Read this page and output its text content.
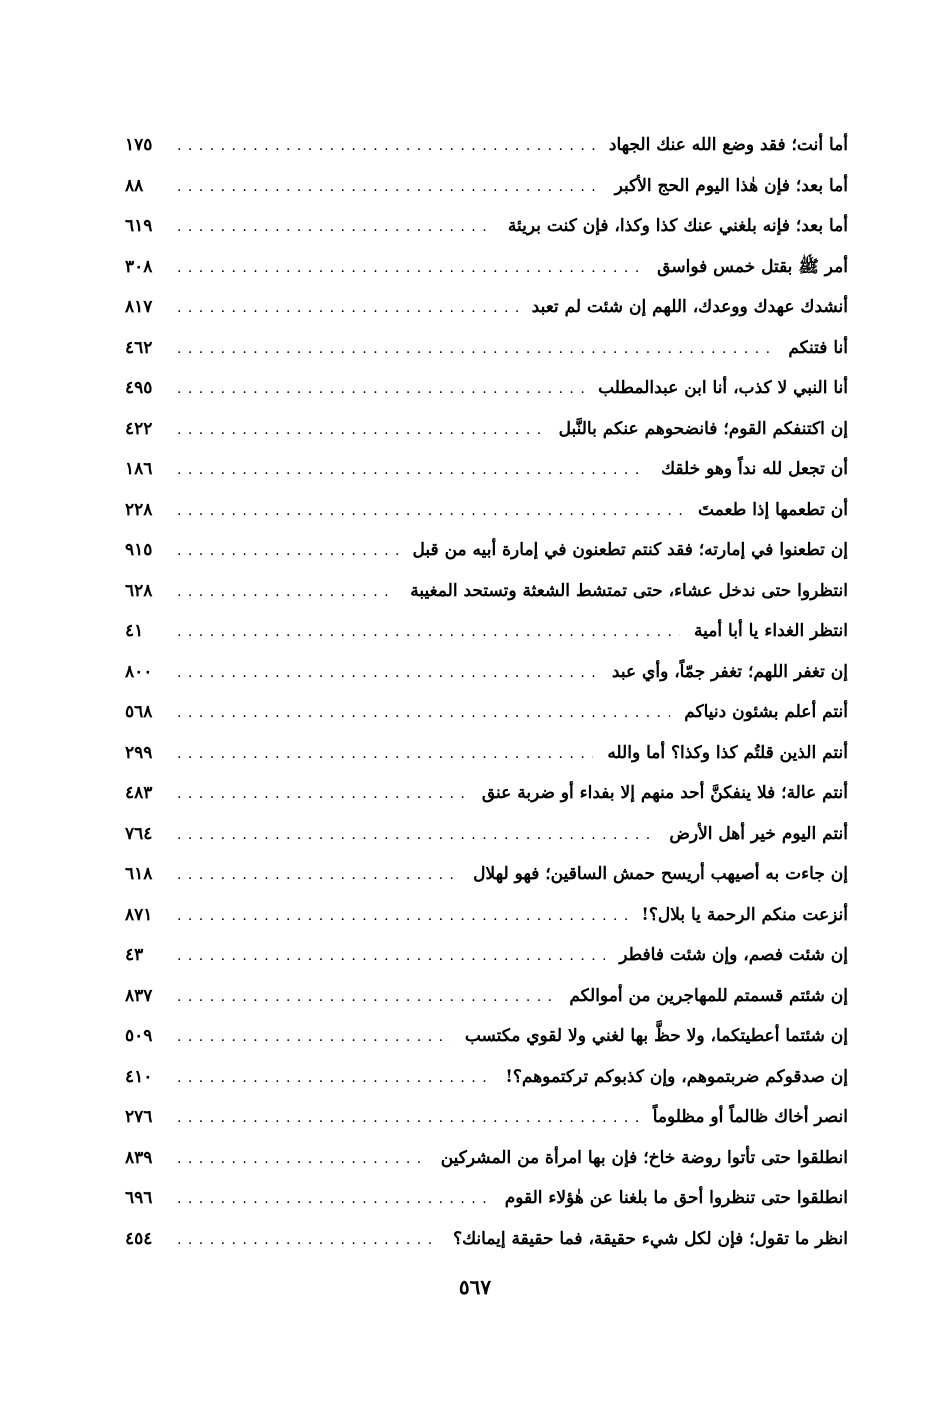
أما أنت؛ فقد وضع الله عنك الجهاد
. . .
١٧٥
أما بعد؛ فإن هٰذا اليوم الحج الأكبر
. . .
٨٨
أما بعد؛ فإنه بلغني عنك كذا وكذا، فإن كنت بريئة
. . .
٦١٩
أمر ﷺ بقتل خمس فواسق
. . .
٣٠٨
أنشدك عهدك ووعدك، اللهم إن شئت لم تعبد
. . .
٨١٧
أنا فتنكم
. . .
٤٦٢
أنا النبي لا كذب، أنا ابن عبدالمطلب
. . .
٤٩٥
إن اكتنفكم القوم؛ فانضحوهم عنكم بالنَّبل
. . .
٤٢٢
أن تجعل لله نداً وهو خلقك
. . .
١٨٦
أن تطعمها إذا طعمتَ
. . .
٢٢٨
إن تطعنوا في إمارته؛ فقد كنتم تطعنون في إمارة أبيه من قبل
. . .
٩١٥
انتظروا حتى ندخل عشاء، حتى تمتشط الشعثة وتستحد المغيبة
. . .
٦٢٨
انتظر الغداء يا أبا أمية
. . .
٤١
إن تغفر اللهم؛ تغفر جمّاً، وأي عبد
. . .
٨٠٠
أنتم أعلم بشئون دنياكم
. . .
٥٦٨
أنتم الذين قلتُم كذا وكذا؟ أما والله
. . .
٢٩٩
أنتم عالة؛ فلا ينفكنَّ أحد منهم إلا بفداء أو ضربة عنق
. . .
٤٨٣
أنتم اليوم خير أهل الأرض
. . .
٧٦٤
إن جاءت به أصيهب أريسح حمش الساقين؛ فهو لهلال
. . .
٦١٨
أنزعت منكم الرحمة يا بلال؟!
. . .
٨٧١
إن شئت فصم، وإن شئت فافطر
. . .
٤٣
إن شئتم قسمتم للمهاجرين من أموالكم
. . .
٨٣٧
إن شئتما أعطيتكما، ولا حظَّ بها لغني ولا لقوي مكتسب
. . .
٥٠٩
إن صدقوكم ضربتموهم، وإن كذبوكم تركتموهم؟!
. . .
٤١٠
انصر أخاك ظالماً أو مظلوماً
. . .
٢٧٦
انطلقوا حتى تأتوا روضة خاخ؛ فإن بها امرأة من المشركين
. . .
٨٣٩
انطلقوا حتى تنظروا أحق ما بلغنا عن هٰؤلاء القوم
. . .
٦٩٦
انظر ما تقول؛ فإن لكل شيء حقيقة، فما حقيقة إيمانك؟
. . .
٤٥٤
٥٦٧
